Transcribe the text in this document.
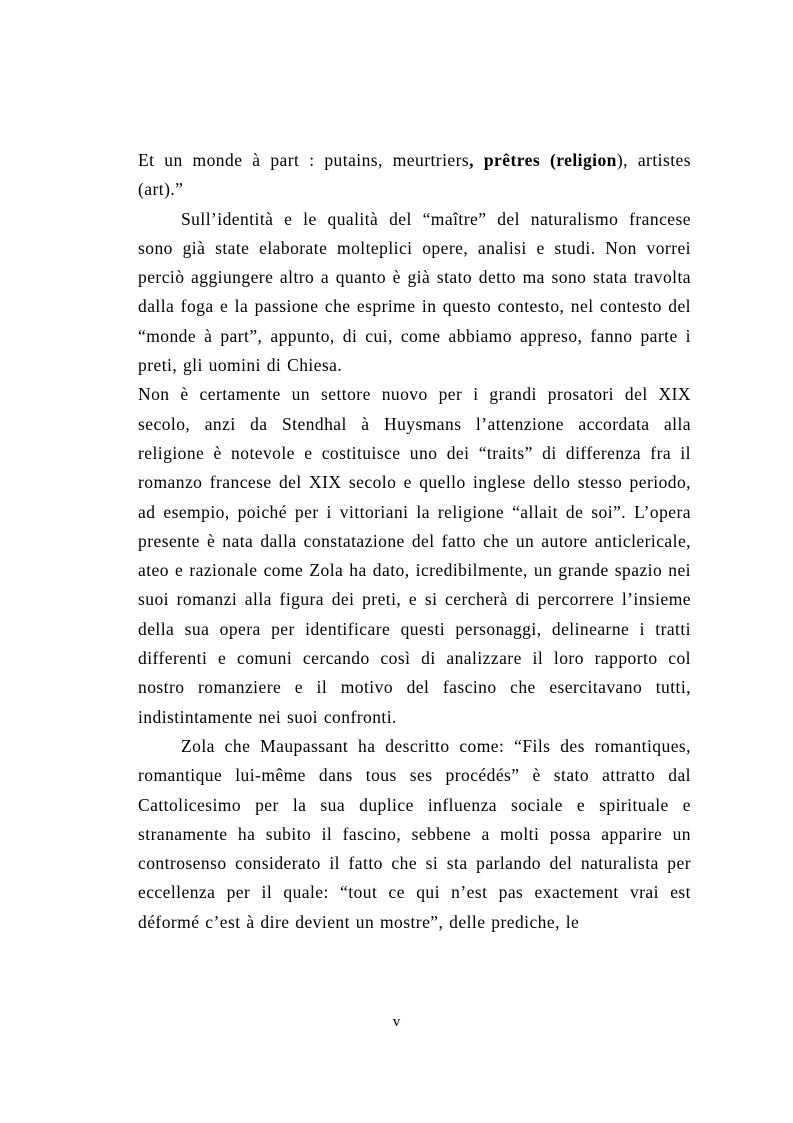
Et un monde à part : putains, meurtriers, prêtres (religion), artistes (art).”

Sull’identità e le qualità del “maître” del naturalismo francese sono già state elaborate molteplici opere, analisi e studi. Non vorrei perciò aggiungere altro a quanto è già stato detto ma sono stata travolta dalla foga e la passione che esprime in questo contesto, nel contesto del “monde à part”, appunto, di cui, come abbiamo appreso, fanno parte i preti, gli uomini di Chiesa.

Non è certamente un settore nuovo per i grandi prosatori del XIX secolo, anzi da Stendhal à Huysmans l’attenzione accordata alla religione è notevole e costituisce uno dei “traits” di differenza fra il romanzo francese del XIX secolo e quello inglese dello stesso periodo, ad esempio, poiché per i vittoriani la religione “allait de soi”. L’opera presente è nata dalla constatazione del fatto che un autore anticlericale, ateo e razionale come Zola ha dato, icredibilmente, un grande spazio nei suoi romanzi alla figura dei preti, e si cercherà di percorrere l’insieme della sua opera per identificare questi personaggi, delinearne i tratti differenti e comuni cercando così di analizzare il loro rapporto col nostro romanziere e il motivo del fascino che esercitavano tutti, indistintamente nei suoi confronti.

Zola che Maupassant ha descritto come: “Fils des romantiques, romantique lui-même dans tous ses procédés” è stato attratto dal Cattolicesimo per la sua duplice influenza sociale e spirituale e stranamente ha subito il fascino, sebbene a molti possa apparire un controsenso considerato il fatto che si sta parlando del naturalista per eccellenza per il quale: “tout ce qui n’est pas exactement vrai est déformé c’est à dire devient un mostre”, delle prediche, le

v
